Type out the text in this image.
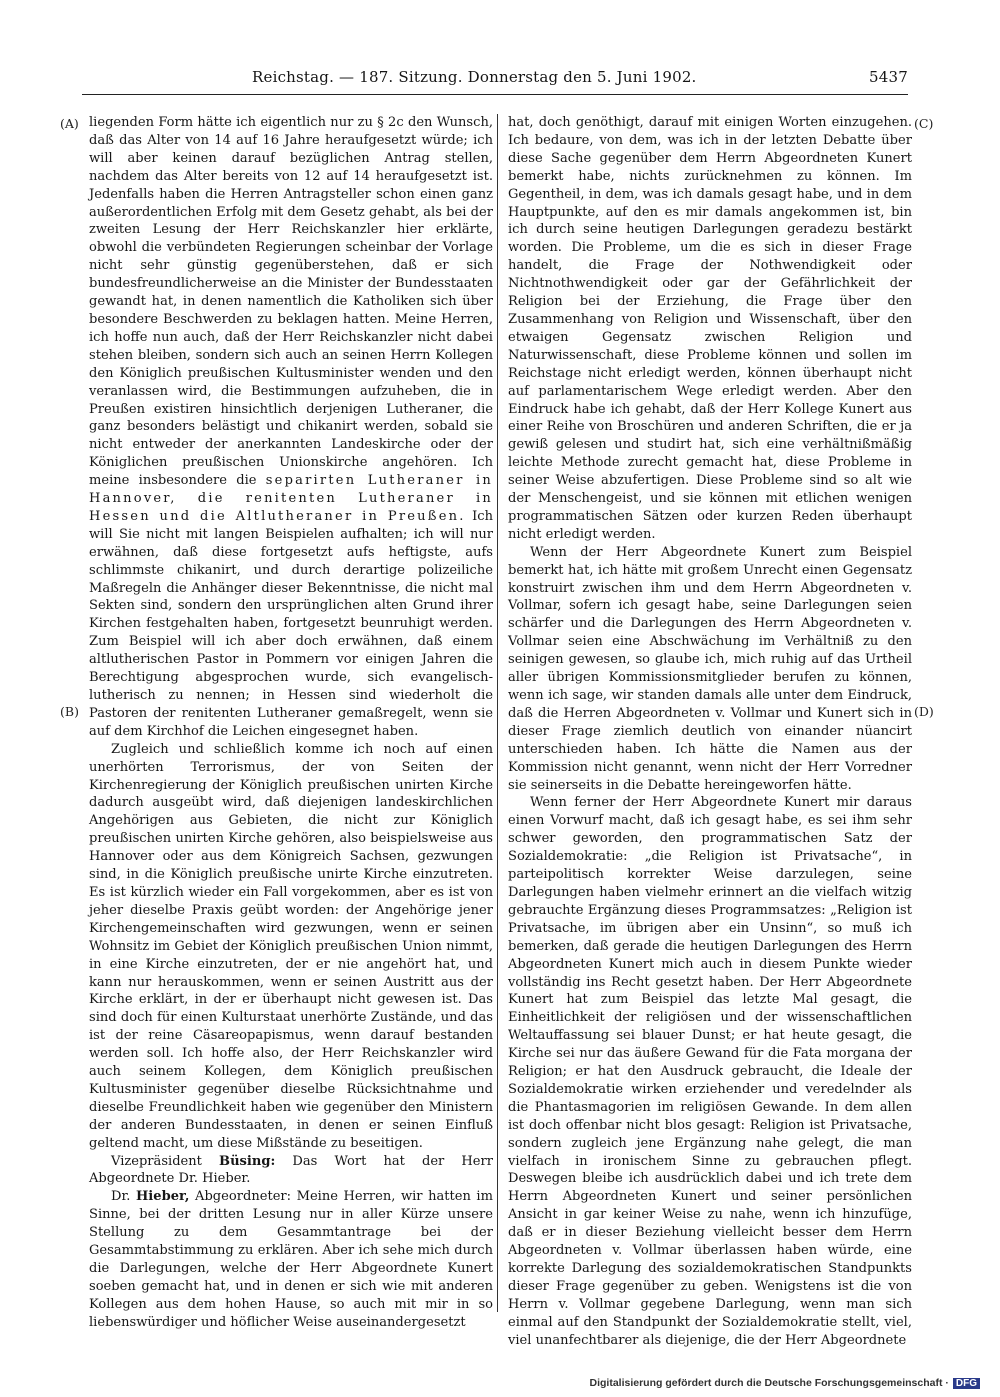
Reichstag. — 187. Sitzung. Donnerstag den 5. Juni 1902.	5437
(A)
(B)
(C)
(D)

liegenden Form hätte ich eigentlich nur zu § 2c den Wunsch, daß das Alter von 14 auf 16 Jahre heraufgesetzt würde; ich will aber keinen darauf bezüglichen Antrag stellen, nachdem das Alter bereits von 12 auf 14 heraufgesetzt ist. Jedenfalls haben die Herren Antragsteller schon einen ganz außerordentlichen Erfolg mit dem Gesetz gehabt, als bei der zweiten Lesung der Herr Reichskanzler hier erklärte, obwohl die verbündeten Regierungen scheinbar der Vorlage nicht sehr günstig gegenüberstehen, daß er sich bundesfreundlicherweise an die Minister der Bundesstaaten gewandt hat, in denen namentlich die Katholiken sich über besondere Beschwerden zu beklagen hatten. Meine Herren, ich hoffe nun auch, daß der Herr Reichskanzler nicht dabei stehen bleiben, sondern sich auch an seinen Herrn Kollegen den Königlich preußischen Kultusminister wenden und den veranlassen wird, die Bestimmungen aufzuheben, die in Preußen existiren hinsichtlich derjenigen Lutheraner, die ganz besonders belästigt und chikanirt werden, sobald sie nicht entweder der anerkannten Landeskirche oder der Königlichen preußischen Unionskirche angehören. Ich meine insbesondere die separirten Lutheraner in Hannover, die renitenten Lutheraner in Hessen und die Altlutheraner in Preußen. Ich will Sie nicht mit langen Beispielen aufhalten; ich will nur erwähnen, daß diese fortgesetzt aufs heftigste, aufs schlimmste chikanirt, und durch derartige polizeiliche Maßregeln die Anhänger dieser Bekenntnisse, die nicht mal Sekten sind, sondern den ursprünglichen alten Grund ihrer Kirchen festgehalten haben, fortgesetzt beunruhigt werden. Zum Beispiel will ich aber doch erwähnen, daß einem altlutherischen Pastor in Pommern vor einigen Jahren die Berechtigung abgesprochen wurde, sich evangelisch-lutherisch zu nennen; in Hessen sind wiederholt die Pastoren der renitenten Lutheraner gemaßregelt, wenn sie auf dem Kirchhof die Leichen eingesegnet haben.

Zugleich und schließlich komme ich noch auf einen unerhörten Terrorismus, der von Seiten der Kirchenregierung der Königlich preußischen unirten Kirche dadurch ausgeübt wird, daß diejenigen landeskirchlichen Angehörigen aus Gebieten, die nicht zur Königlich preußischen unirten Kirche gehören, also beispielsweise aus Hannover oder aus dem Königreich Sachsen, gezwungen sind, in die Königlich preußische unirte Kirche einzutreten. Es ist kürzlich wieder ein Fall vorgekommen, aber es ist von jeher dieselbe Praxis geübt worden: der Angehörige jener Kirchengemeinschaften wird gezwungen, wenn er seinen Wohnsitz im Gebiet der Königlich preußischen Union nimmt, in eine Kirche einzutreten, der er nie angehört hat, und kann nur herauskommen, wenn er seinen Austritt aus der Kirche erklärt, in der er überhaupt nicht gewesen ist. Das sind doch für einen Kulturstaat unerhörte Zustände, und das ist der reine Cäsareopapismus, wenn darauf bestanden werden soll. Ich hoffe also, der Herr Reichskanzler wird auch seinem Kollegen, dem Königlich preußischen Kultusminister gegenüber dieselbe Rücksichtnahme und dieselbe Freundlichkeit haben wie gegenüber den Ministern der anderen Bundesstaaten, in denen er seinen Einfluß geltend macht, um diese Mißstände zu beseitigen.

Vizepräsident Büsing: Das Wort hat der Herr Abgeordnete Dr. Hieber.

Dr. Hieber, Abgeordneter: Meine Herren, wir hatten im Sinne, bei der dritten Lesung nur in aller Kürze unsere Stellung zu dem Gesammtantrage bei der Gesammtabstimmung zu erklären. Aber ich sehe mich durch die Darlegungen, welche der Herr Abgeordnete Kunert soeben gemacht hat, und in denen er sich wie mit anderen Kollegen aus dem hohen Hause, so auch mit mir in so liebenswürdiger und höflicher Weise auseinandergesetzt

hat, doch genöthigt, darauf mit einigen Worten einzugehen. Ich bedaure, von dem, was ich in der letzten Debatte über diese Sache gegenüber dem Herrn Abgeordneten Kunert bemerkt habe, nichts zurücknehmen zu können. Im Gegentheil, in dem, was ich damals gesagt habe, und in dem Hauptpunkte, auf den es mir damals angekommen ist, bin ich durch seine heutigen Darlegungen geradezu bestärkt worden. Die Probleme, um die es sich in dieser Frage handelt, die Frage der Nothwendigkeit oder Nichtnothwendigkeit oder gar der Gefährlichkeit der Religion bei der Erziehung, die Frage über den Zusammenhang von Religion und Wissenschaft, über den etwaigen Gegensatz zwischen Religion und Naturwissenschaft, diese Probleme können und sollen im Reichstage nicht erledigt werden, können überhaupt nicht auf parlamentarischem Wege erledigt werden. Aber den Eindruck habe ich gehabt, daß der Herr Kollege Kunert aus einer Reihe von Broschüren und anderen Schriften, die er ja gewiß gelesen und studirt hat, sich eine verhältnißmäßig leichte Methode zurecht gemacht hat, diese Probleme in seiner Weise abzufertigen. Diese Probleme sind so alt wie der Menschengeist, und sie können mit etlichen wenigen programmatischen Sätzen oder kurzen Reden überhaupt nicht erledigt werden.

Wenn der Herr Abgeordnete Kunert zum Beispiel bemerkt hat, ich hätte mit großem Unrecht einen Gegensatz konstruirt zwischen ihm und dem Herrn Abgeordneten v. Vollmar, sofern ich gesagt habe, seine Darlegungen seien schärfer und die Darlegungen des Herrn Abgeordneten v. Vollmar seien eine Abschwächung im Verhältniß zu den seinigen gewesen, so glaube ich, mich ruhig auf das Urtheil aller übrigen Kommissionsmitglieder berufen zu können, wenn ich sage, wir standen damals alle unter dem Eindruck, daß die Herren Abgeordneten v. Vollmar und Kunert sich in dieser Frage ziemlich deutlich von einander nüancirt unterschieden haben. Ich hätte die Namen aus der Kommission nicht genannt, wenn nicht der Herr Vorredner sie seinerseits in die Debatte hereingeworfen hätte.

Wenn ferner der Herr Abgeordnete Kunert mir daraus einen Vorwurf macht, daß ich gesagt habe, es sei ihm sehr schwer geworden, den programmatischen Satz der Sozialdemokratie: „die Religion ist Privatsache“, in parteipolitisch korrekter Weise darzulegen, seine Darlegungen haben vielmehr erinnert an die vielfach witzig gebrauchte Ergänzung dieses Programmsatzes: „Religion ist Privatsache, im übrigen aber ein Unsinn“, so muß ich bemerken, daß gerade die heutigen Darlegungen des Herrn Abgeordneten Kunert mich auch in diesem Punkte wieder vollständig ins Recht gesetzt haben. Der Herr Abgeordnete Kunert hat zum Beispiel das letzte Mal gesagt, die Einheitlichkeit der religiösen und der wissenschaftlichen Weltauffassung sei blauer Dunst; er hat heute gesagt, die Kirche sei nur das äußere Gewand für die Fata morgana der Religion; er hat den Ausdruck gebraucht, die Ideale der Sozialdemokratie wirken erziehender und veredelnder als die Phantasmagorien im religiösen Gewande. In dem allen ist doch offenbar nicht blos gesagt: Religion ist Privatsache, sondern zugleich jene Ergänzung nahe gelegt, die man vielfach in ironischem Sinne zu gebrauchen pflegt. Deswegen bleibe ich ausdrücklich dabei und ich trete dem Herrn Abgeordneten Kunert und seiner persönlichen Ansicht in gar keiner Weise zu nahe, wenn ich hinzufüge, daß er in dieser Beziehung vielleicht besser dem Herrn Abgeordneten v. Vollmar überlassen haben würde, eine korrekte Darlegung des sozialdemokratischen Standpunkts dieser Frage gegenüber zu geben. Wenigstens ist die von Herrn v. Vollmar gegebene Darlegung, wenn man sich einmal auf den Standpunkt der Sozialdemokratie stellt, viel, viel unanfechtbarer als diejenige, die der Herr Abgeordnete

Digitalisierung gefördert durch die Deutsche Forschungsgemeinschaft · DFG
